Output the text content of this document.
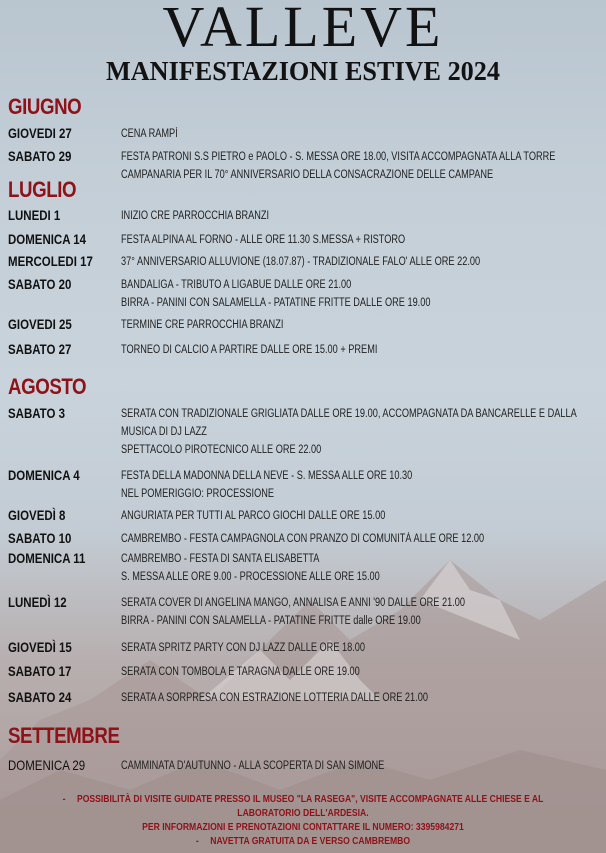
VALLEVE
MANIFESTAZIONI ESTIVE 2024
GIUGNO
GIOVEDI 27	CENA RAMPÌ
SABATO 29	FESTA PATRONI S.S PIETRO e PAOLO - S. MESSA ORE 18.00, VISITA ACCOMPAGNATA ALLA TORRE
CAMPANARIA PER IL 70° ANNIVERSARIO DELLA CONSACRAZIONE DELLE CAMPANE
LUGLIO
LUNEDI 1	INIZIO CRE PARROCCHIA BRANZI
DOMENICA 14	FESTA ALPINA AL FORNO - ALLE ORE 11.30 S.MESSA + RISTORO
MERCOLEDI 17 37° ANNIVERSARIO ALLUVIONE (18.07.87) - TRADIZIONALE FALO' ALLE ORE 22.00
SABATO 20	BANDALIGA - TRIBUTO A LIGABUE DALLE ORE 21.00
BIRRA - PANINI CON SALAMELLA - PATATINE FRITTE DALLE ORE 19.00
GIOVEDI 25	TERMINE CRE PARROCCHIA BRANZI
SABATO 27	TORNEO DI CALCIO A PARTIRE DALLE ORE 15.00 + PREMI
AGOSTO
SABATO 3	SERATA CON TRADIZIONALE GRIGLIATA DALLE ORE 19.00, ACCOMPAGNATA DA BANCARELLE E DALLA
MUSICA DI DJ LAZZ
SPETTACOLO PIROTECNICO ALLE ORE 22.00
DOMENICA 4	FESTA DELLA MADONNA DELLA NEVE - S. MESSA ALLE ORE 10.30
NEL POMERIGGIO: PROCESSIONE
GIOVEDÌ 8	ANGURIATA PER TUTTI AL PARCO GIOCHI DALLE ORE 15.00
SABATO 10	CAMBREMBO - FESTA CAMPAGNOLA CON PRANZO DI COMUNITÀ ALLE ORE 12.00
DOMENICA 11	CAMBREMBO - FESTA DI SANTA ELISABETTA
S. MESSA ALLE ORE 9.00 - PROCESSIONE ALLE ORE 15.00
LUNEDÌ 12	SERATA COVER DI ANGELINA MANGO, ANNALISA E ANNI '90 DALLE ORE 21.00
BIRRA - PANINI CON SALAMELLA - PATATINE FRITTE dalle ORE 19.00
GIOVEDÌ 15	SERATA SPRITZ PARTY CON DJ LAZZ DALLE ORE 18.00
SABATO 17	SERATA CON TOMBOLA E TARAGNA DALLE ORE 19.00
SABATO 24	SERATA A SORPRESA CON ESTRAZIONE LOTTERIA DALLE ORE 21.00
SETTEMBRE
DOMENICA 29	CAMMINATA D'AUTUNNO - ALLA SCOPERTA DI SAN SIMONE
- POSSIBILITÀ DI VISITE GUIDATE PRESSO IL MUSEO "LA RASEGA", VISITE ACCOMPAGNATE ALLE CHIESE E AL
LABORATORIO DELL'ARDESIA.
PER INFORMAZIONI E PRENOTAZIONI CONTATTARE IL NUMERO: 3395984271
- NAVETTA GRATUITA DA E VERSO CAMBREMBO
